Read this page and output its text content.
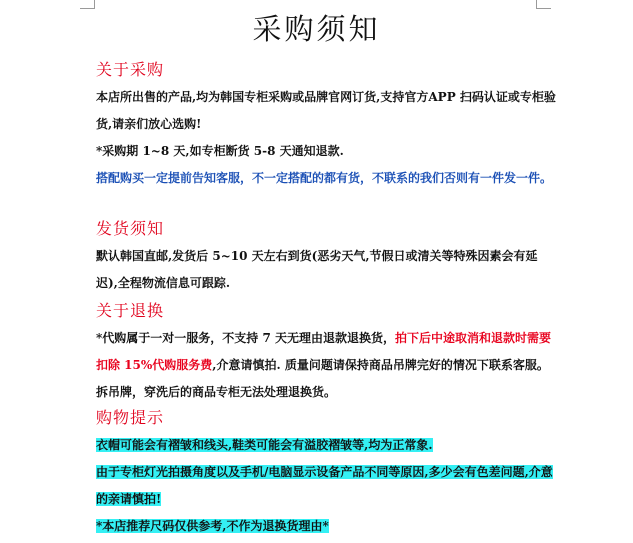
采购须知
关于采购

本店所出售的产品,均为韩国专柜采购或品牌官网订货,支持官方APP 扫码认证或专柜验货,请亲们放心选购!

*采购期 1~8 天,如专柜断货 5-8 天通知退款.

搭配购买一定提前告知客服，不一定搭配的都有货，不联系的我们否则有一件发一件。

发货须知

默认韩国直邮,发货后 5~10 天左右到货(恶劣天气,节假日或清关等特殊因素会有延迟),全程物流信息可跟踪.

关于退换

*代购属于一对一服务，不支持 7 天无理由退款退换货，拍下后中途取消和退款时需要扣除 15%代购服务费,介意请慎拍. 质量问题请保持商品吊牌完好的情况下联系客服。拆吊牌，穿洗后的商品专柜无法处理退换货。

购物提示

衣帽可能会有褶皱和线头,鞋类可能会有溢胶褶皱等,均为正常象.

由于专柜灯光拍摄角度以及手机/电脑显示设备产品不同等原因,多少会有色差问题,介意的亲请慎拍!

*本店推荐尺码仅供参考,不作为退换货理由*
